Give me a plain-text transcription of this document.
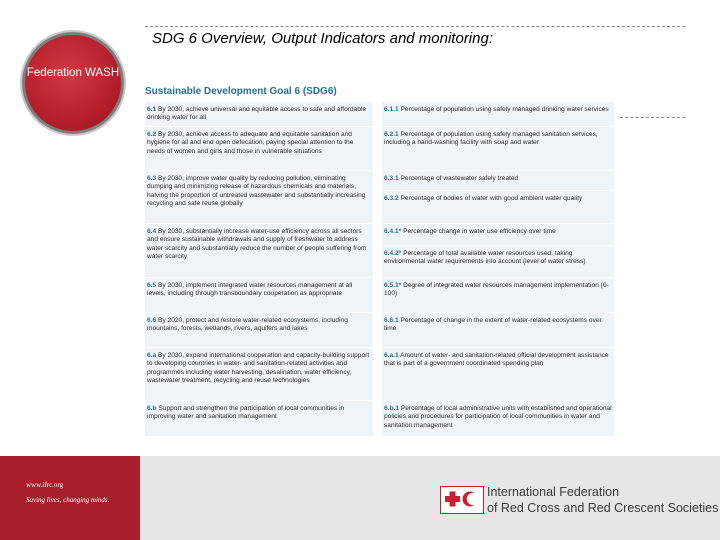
SDG 6 Overview, Output Indicators and monitoring:
Federation WASH
Sustainable Development Goal 6 (SDG6)
6.1 By 2030, achieve universal and equitable access to safe and affordable drinking water for all
6.2 By 2030, achieve access to adequate and equitable sanitation and hygiene for all and end open defecation, paying special attention to the needs of women and girls and those in vulnerable situations
6.3 By 2030, improve water quality by reducing pollution, eliminating dumping and minimizing release of hazardous chemicals and materials, halving the proportion of untreated wastewater and substantially increasing recycling and safe reuse globally
6.4 By 2030, substantially increase water-use efficiency across all sectors and ensure sustainable withdrawals and supply of freshwater to address water scarcity and substantially reduce the number of people suffering from water scarcity
6.5 By 2030, implement integrated water resources management at all levels, including through transboundary cooperation as appropriate
6.6 By 2020, protect and restore water-related ecosystems, including mountains, forests, wetlands, rivers, aquifers and lakes
6.a By 2030, expand international cooperation and capacity-building support to developing countries in water- and sanitation-related activities and programmes including water harvesting, desalination, water efficiency, wastewater treatment, recycling and reuse technologies
6.b Support and strengthen the participation of local communities in improving water and sanitation management
6.1.1 Percentage of population using safely managed drinking water services
6.2.1 Percentage of population using safely managed sanitation services, including a hand-washing facility with soap and water
6.3.1 Percentage of wastewater safely treated
6.3.2 Percentage of bodies of water with good ambient water quality
6.4.1* Percentage change in water use efficiency over time
6.4.2* Percentage of total available water resources used, taking environmental water requirements into account (level of water stress)
6.5.1* Degree of integrated water resources management implementation (0-100)
6.6.1 Percentage of change in the extent of water-related ecosystems over time
6.a.1 Amount of water- and sanitation-related official development assistance that is part of a government coordinated spending plan
6.b.1 Percentage of local administrative units with established and operational policies and procedures for participation of local communities in water and sanitation management
www.ifrc.org
Saving lives, changing minds.
International Federation
of Red Cross and Red Crescent Societies
